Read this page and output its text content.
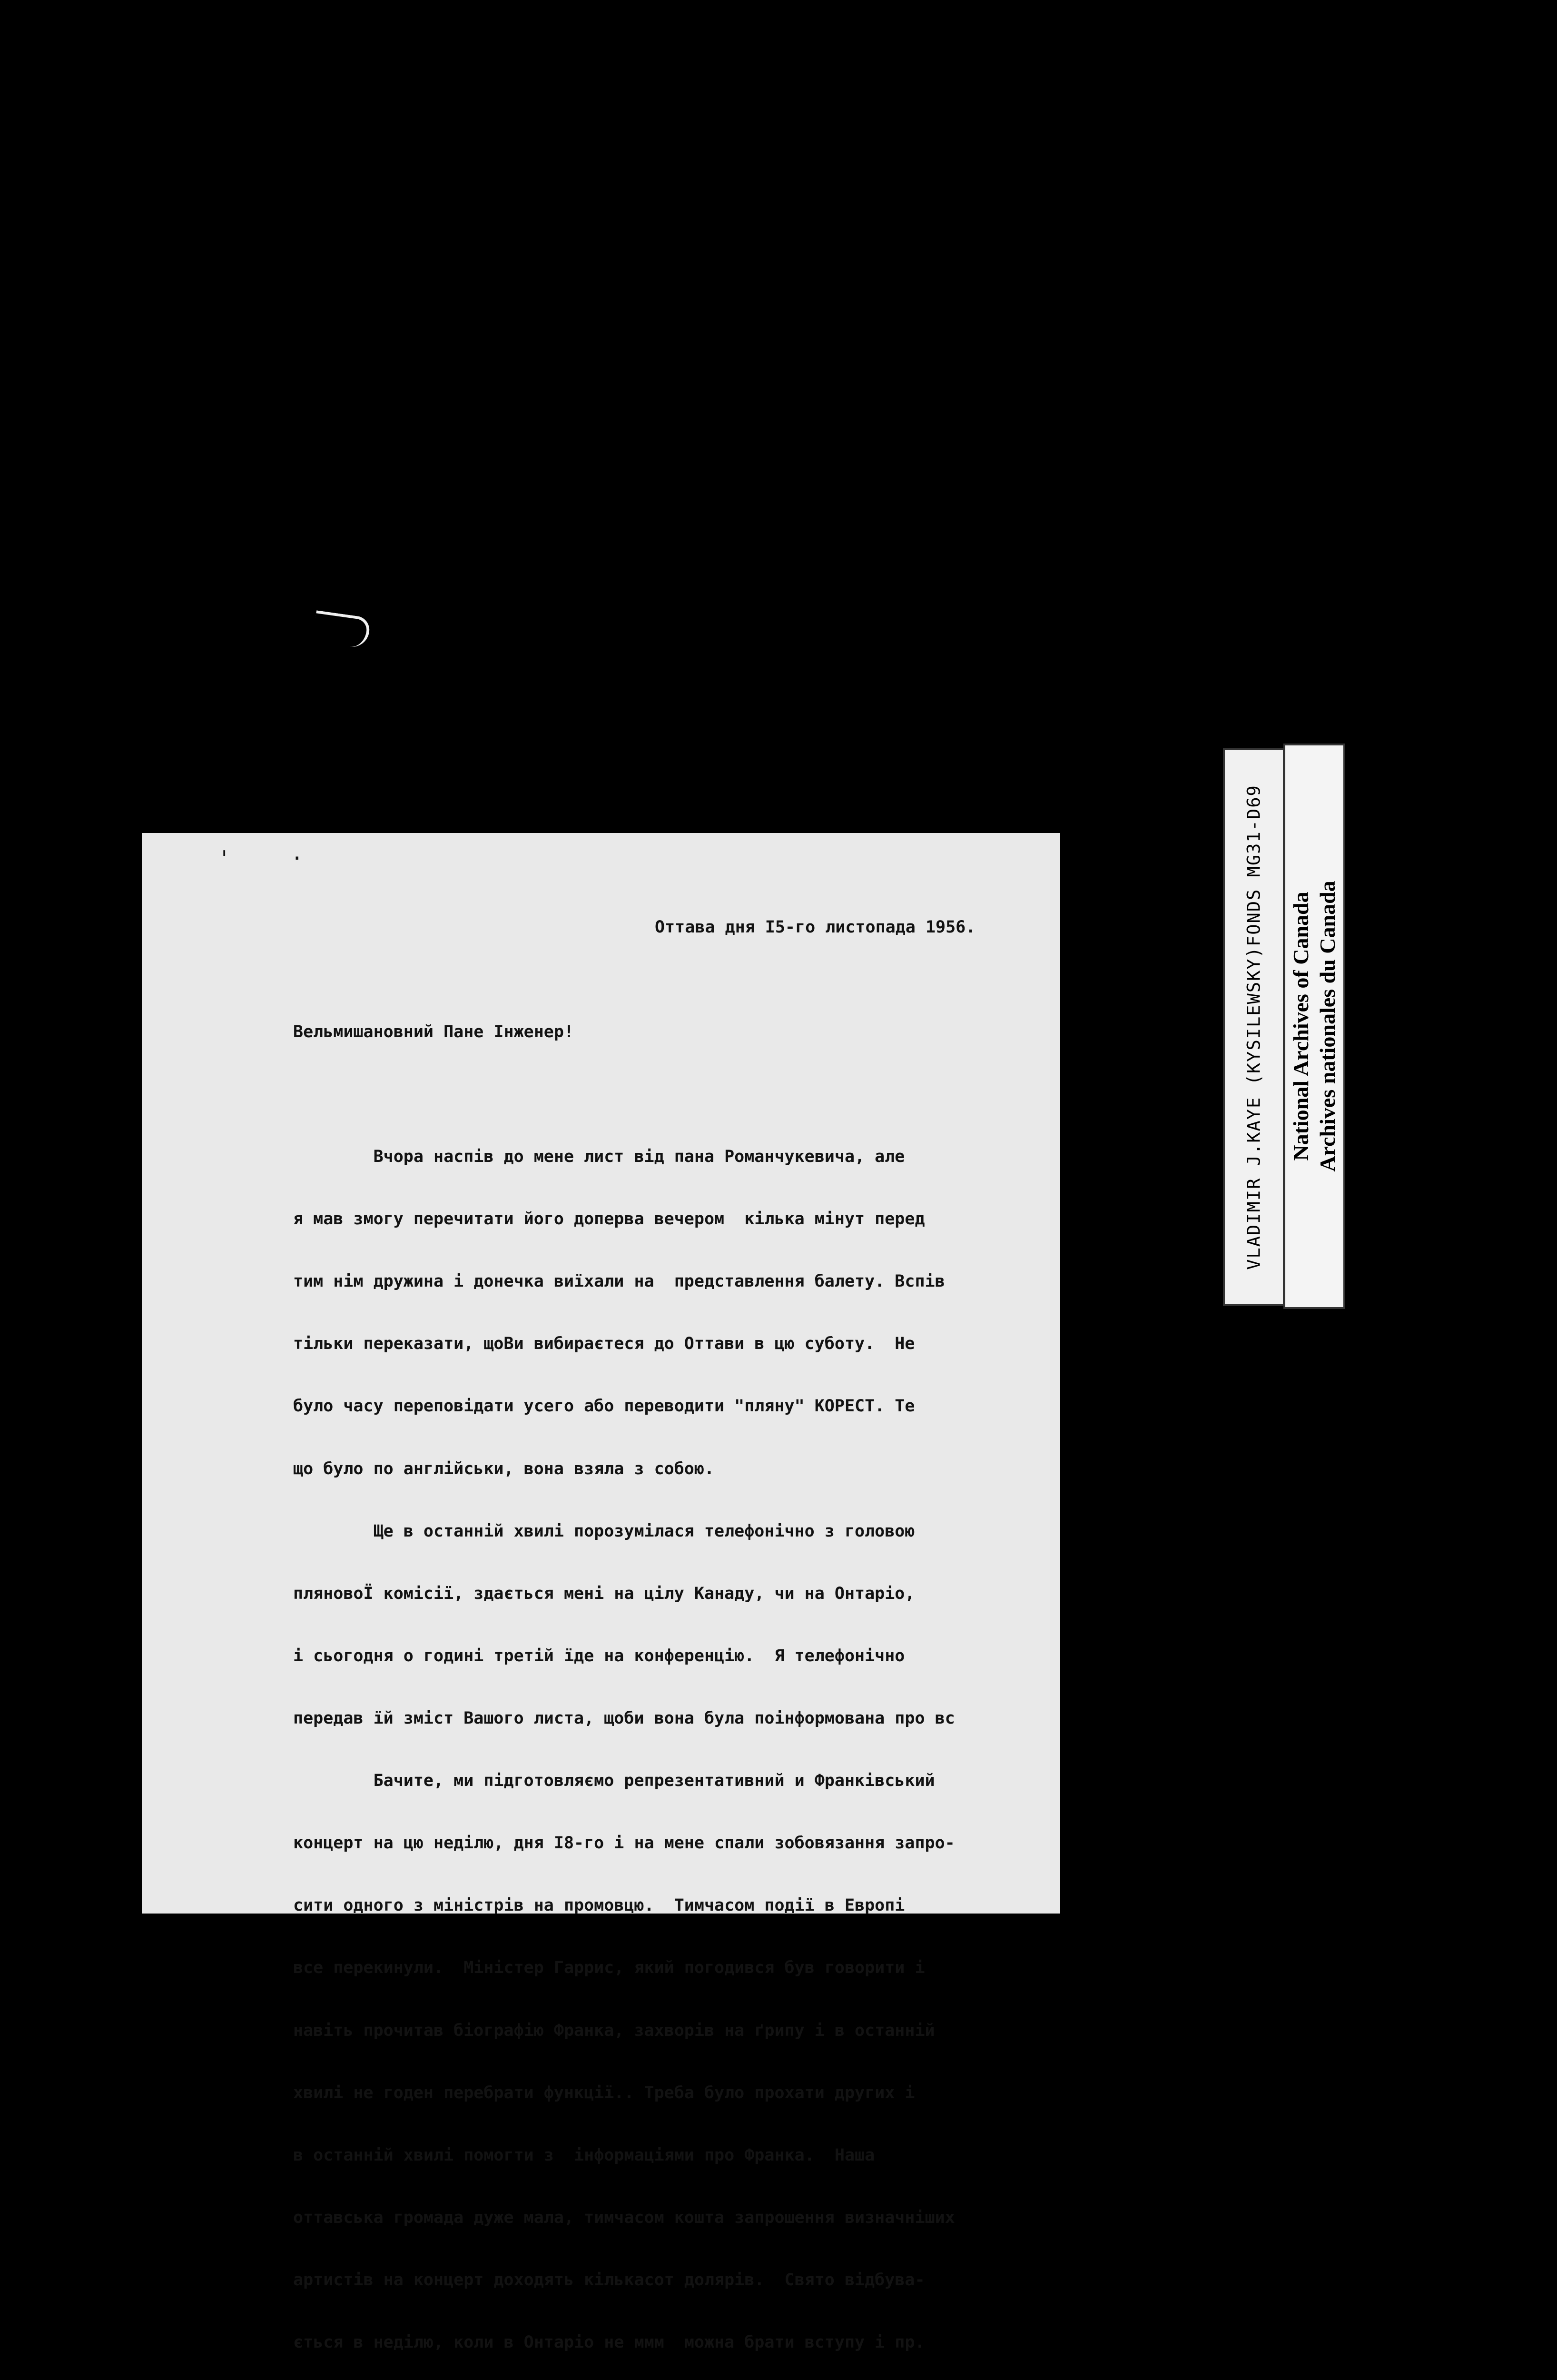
' ·

Оттава дня I5-го листопада 1956.

Вельмишановний Пане Інженер!

Вчора наспів до мене лист від пана Романчукевича, але

я мав змогу перечитати його доперва вечером  кілька мінут перед

тим нім дружина і донечка виїхали на  представлення балету. Вспів

тільки переказати, щоВи вибираєтеся до Оттави в цю суботу.  Не

було часу переповідати усего або переводити "пляну" КОРЕСТ. Те

що було по англійськи, вона взяла з собою.

Ще в останній хвилі порозумілася телефонічно з головою

пляновоЇ комісії, здається мені на цілу Канаду, чи на Онтаріо,

і сьогодня о годині третій їде на конференцію.  Я телефонічно

передав їй зміст Вашого листа, щоби вона була поінформована про вс

Бачите, ми підготовляємо репрезентативний и Франківський

концерт на цю неділю, дня I8-го і на мене спали зобовязання запро-

сити одного з міністрів на промовцю.  Тимчасом події в Европі

все перекинули.  Міністер Гаррис, який погодився був говорити і

навіть прочитав біографію Франка, захворів на ґрипу і в останній

хвилі не годен перебрати функції.. Треба було прохати других і

в останній хвилі помогти з  інформаціями про Франка.  Наша

оттавська громада дуже мала, тимчасом кошта запрошення визначніших

артистів на концерт доходять кількасот долярів.  Свято відбува-

ється в неділю, коли в Онтаріо не ммм  можна брати вступу і пр.

VLADIMIR J.KAYE (KYSILEWSKY)FONDS MG31-D69 National Archives of Canada Archives nationales du Canada
